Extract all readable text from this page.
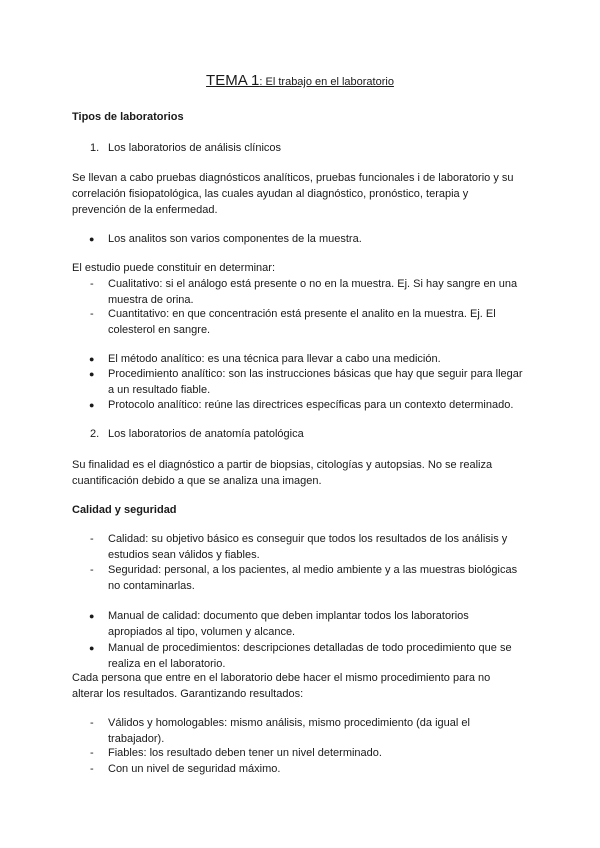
TEMA 1: El trabajo en el laboratorio
Tipos de laboratorios
1. Los laboratorios de análisis clínicos
Se llevan a cabo pruebas diagnósticos analíticos, pruebas funcionales i de laboratorio y su
correlación fisiopatológica, las cuales ayudan al diagnóstico, pronóstico, terapia y
prevención de la enfermedad.
● Los analitos son varios componentes de la muestra.
El estudio puede constituir en determinar:
- Cualitativo: si el análogo está presente o no en la muestra. Ej. Si hay sangre en una
muestra de orina.
- Cuantitativo: en que concentración está presente el analito en la muestra. Ej. El
colesterol en sangre.
● El método analítico: es una técnica para llevar a cabo una medición.
● Procedimiento analítico: son las instrucciones básicas que hay que seguir para llegar
a un resultado fiable.
● Protocolo analítico: reúne las directrices específicas para un contexto determinado.
2. Los laboratorios de anatomía patológica
Su finalidad es el diagnóstico a partir de biopsias, citologías y autopsias. No se realiza
cuantificación debido a que se analiza una imagen.
Calidad y seguridad
- Calidad: su objetivo básico es conseguir que todos los resultados de los análisis y
estudios sean válidos y fiables.
- Seguridad: personal, a los pacientes, al medio ambiente y a las muestras biológicas
no contaminarlas.
● Manual de calidad: documento que deben implantar todos los laboratorios
apropiados al tipo, volumen y alcance.
● Manual de procedimientos: descripciones detalladas de todo procedimiento que se
realiza en el laboratorio.
Cada persona que entre en el laboratorio debe hacer el mismo procedimiento para no
alterar los resultados. Garantizando resultados:
- Válidos y homologables: mismo análisis, mismo procedimiento (da igual el
trabajador).
- Fiables: los resultado deben tener un nivel determinado.
- Con un nivel de seguridad máximo.
